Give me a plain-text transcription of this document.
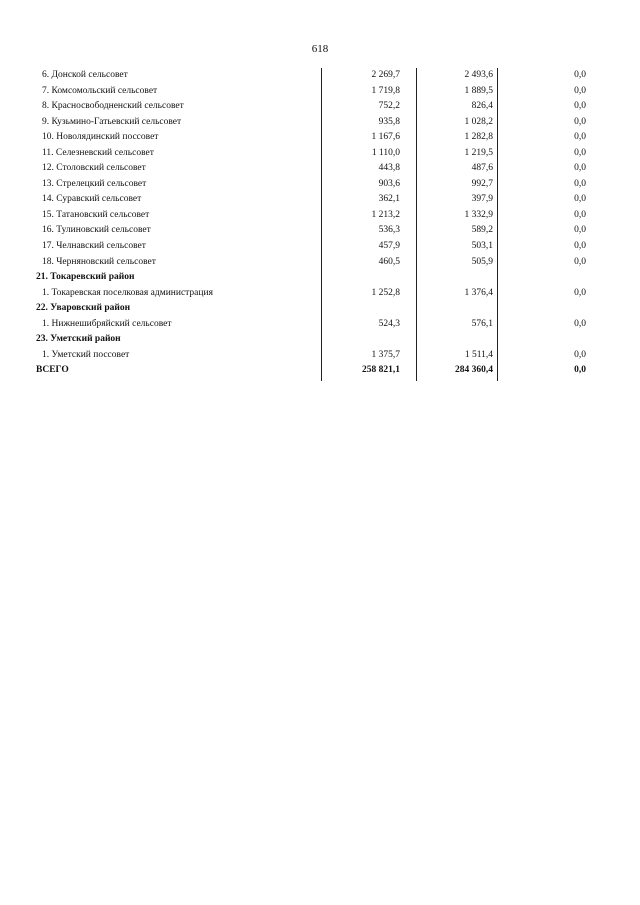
618
6. Донской сельсовет	2 269,7	2 493,6	0,0
7. Комсомольский сельсовет	1 719,8	1 889,5	0,0
8. Красносвободненский сельсовет	752,2	826,4	0,0
9. Кузьмино-Гатьевский сельсовет	935,8	1 028,2	0,0
10. Новолядинский поссовет	1 167,6	1 282,8	0,0
11. Селезневский сельсовет	1 110,0	1 219,5	0,0
12. Столовский сельсовет	443,8	487,6	0,0
13. Стрелецкий сельсовет	903,6	992,7	0,0
14. Суравский сельсовет	362,1	397,9	0,0
15. Татановский сельсовет	1 213,2	1 332,9	0,0
16. Тулиновский сельсовет	536,3	589,2	0,0
17. Челнавский сельсовет	457,9	503,1	0,0
18. Черняновский сельсовет	460,5	505,9	0,0
21. Токаревский район
1. Токаревская поселковая администрация	1 252,8	1 376,4	0,0
22. Уваровский район
1. Нижнешибряйский сельсовет	524,3	576,1	0,0
23. Уметский район
1. Уметский поссовет	1 375,7	1 511,4	0,0
ВСЕГО	258 821,1	284 360,4	0,0
